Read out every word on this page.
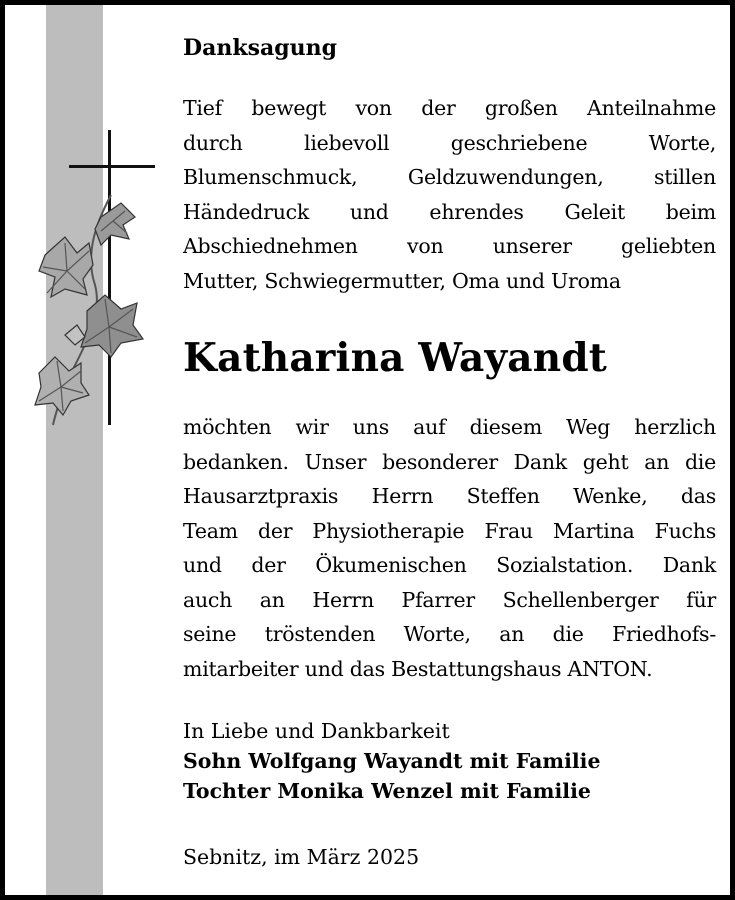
Danksagung
Tief bewegt von der großen Anteilnahme
durch liebevoll geschriebene Worte,
Blumenschmuck, Geldzuwendungen, stillen
Händedruck und ehrendes Geleit beim
Abschiednehmen von unserer geliebten
Mutter, Schwiegermutter, Oma und Uroma
Katharina Wayandt
möchten wir uns auf diesem Weg herzlich
bedanken. Unser besonderer Dank geht an die
Hausarztpraxis Herrn Steffen Wenke, das
Team der Physiotherapie Frau Martina Fuchs
und der Ökumenischen Sozialstation. Dank
auch an Herrn Pfarrer Schellenberger für
seine tröstenden Worte, an die Friedhofs-
mitarbeiter und das Bestattungshaus ANTON.
In Liebe und Dankbarkeit
Sohn Wolfgang Wayandt mit Familie
Tochter Monika Wenzel mit Familie
Sebnitz, im März 2025
